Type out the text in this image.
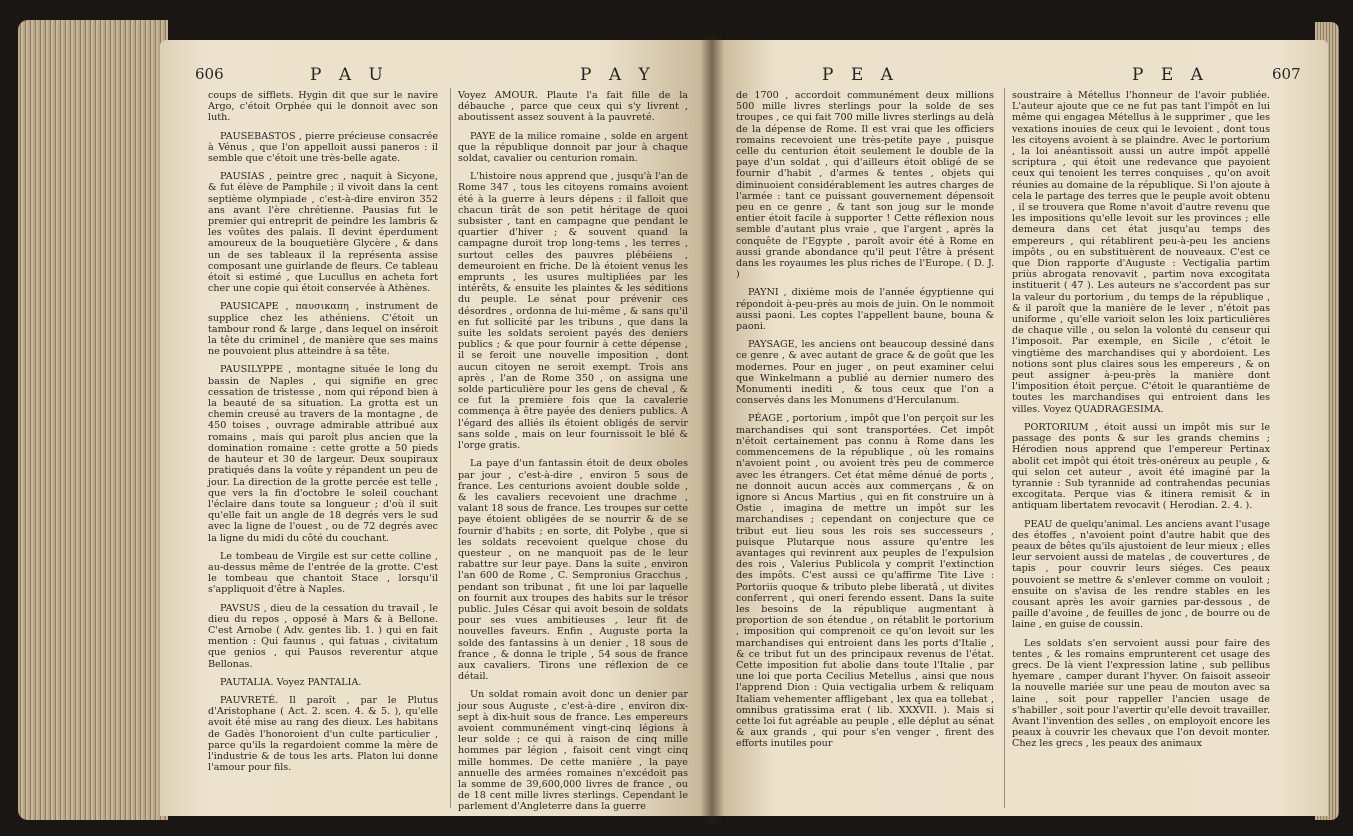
606	P A U	P A Y

coups de sifflets. Hygin dit que sur le navire Argo, c'étoit Orphée qui le donnoit avec son luth.

PAUSEBASTOS , pierre précieuse consacrée à Vénus , que l'on appelloit aussi paneros : il semble que c'étoit une très-belle agate.

PAUSIAS , peintre grec , naquit à Sicyone, & fut élève de Pamphile ; il vivoit dans la cent septième olympiade , c'est-à-dire environ 352 ans avant l'ère chrétienne. Pausias fut le premier qui entreprit de peindre les lambris & les voûtes des palais. Il devint éperdument amoureux de la bouquetière Glycère , & dans un de ses tableaux il la représenta assise composant une guirlande de fleurs. Ce tableau étoit si estimé , que Lucullus en acheta fort cher une copie qui étoit conservée à Athènes.

PAUSICAPE , παυσικαπη , instrument de supplice chez les athéniens. C'étoit un tambour rond & large , dans lequel on inséroit la tête du criminel , de manière que ses mains ne pouvoient plus atteindre à sa tête.

PAUSILYPPE , montagne située le long du bassin de Naples , qui signifie en grec cessation de tristesse , nom qui répond bien à la beauté de sa situation. La grotta est un chemin creusé au travers de la montagne , de 450 toises , ouvrage admirable attribué aux romains , mais qui paroît plus ancien que la domination romaine : cette grotte a 50 pieds de hauteur et 30 de largeur. Deux soupiraux pratiqués dans la voûte y répandent un peu de jour. La direction de la grotte percée est telle , que vers la fin d'octobre le soleil couchant l'éclaire dans toute sa longueur ; d'où il suit qu'elle fait un angle de 18 degrés vers le sud avec la ligne de l'ouest , ou de 72 degrés avec la ligne du midi du côté du couchant.

Le tombeau de Virgile est sur cette colline , au-dessus même de l'entrée de la grotte. C'est le tombeau que chantoit Stace , lorsqu'il s'appliquoit d'être à Naples.

PAVSUS , dieu de la cessation du travail , le dieu du repos , opposé à Mars & à Bellone. C'est Arnobe ( Adv. gentes lib. 1. ) qui en fait mention : Qui faunus , qui fatuas , civitatum que genios , qui Pausos reverentur atque Bellonas.

PAUTALIA. Voyez PANTALIA.

PAUVRETÉ. Il paroît , par le Plutus d'Aristophane ( Act. 2. scen. 4. & 5. ), qu'elle avoit été mise au rang des dieux. Les habitans de Gadès l'honoroient d'un culte particulier , parce qu'ils la regardoient comme la mère de l'industrie & de tous les arts. Platon lui donne l'amour pour fils.

Voyez AMOUR. Plaute l'a fait fille de la débauche , parce que ceux qui s'y livrent , aboutissent assez souvent à la pauvreté.

PAYE de la milice romaine , solde en argent que la république donnoit par jour à chaque soldat, cavalier ou centurion romain.

L'histoire nous apprend que , jusqu'à l'an de Rome 347 , tous les citoyens romains avoient été à la guerre à leurs dépens : il falloit que chacun tirât de son petit héritage de quoi subsister , tant en campagne que pendant le quartier d'hiver ; & souvent quand la campagne duroit trop long-tems , les terres , surtout celles des pauvres plébéiens , demeuroient en friche. De là étoient venus les emprunts , les usures multipliées par les intérêts, & ensuite les plaintes & les séditions du peuple. Le sénat pour prévenir ces désordres , ordonna de lui-même , & sans qu'il en fut sollicité par les tribuns , que dans la suite les soldats seroient payés des deniers publics ; & que pour fournir à cette dépense , il se feroit une nouvelle imposition , dont aucun citoyen ne seroit exempt. Trois ans après , l'an de Rome 350 , on assigna une solde particulière pour les gens de cheval , & ce fut la première fois que la cavalerie commença à être payée des deniers publics. A l'égard des alliés ils étoient obligés de servir sans solde , mais on leur fournissoit le blé & l'orge gratis.

La paye d'un fantassin étoit de deux oboles par jour , c'est-à-dire , environ 5 sous de france. Les centurions avoient double solde , & les cavaliers recevoient une drachme , valant 18 sous de france. Les troupes sur cette paye étoient obligées de se nourrir & de se fournir d'habits ; en sorte, dit Polybe , que si les soldats recevoient quelque chose du questeur , on ne manquoit pas de le leur rabattre sur leur paye. Dans la suite , environ l'an 600 de Rome , C. Sempronius Gracchus , pendant son tribunat , fit une loi par laquelle on fournit aux troupes des habits sur le trésor public. Jules César qui avoit besoin de soldats pour ses vues ambitieuses , leur fit de nouvelles faveurs. Enfin , Auguste porta la solde des fantassins à un denier , 18 sous de france , & donna le triple , 54 sous de france aux cavaliers. Tirons une réflexion de ce détail.

Un soldat romain avoit donc un denier par jour sous Auguste , c'est-à-dire , environ dix-sept à dix-huit sous de france. Les empereurs avoient communément vingt-cinq légions à leur solde ; ce qui à raison de cinq mille hommes par légion , faisoit cent vingt cinq mille hommes. De cette manière , la paye annuelle des armées romaines n'excédoit pas la somme de 39,600,000 livres de france , ou de 18 cent mille livres sterlings. Cependant le parlement d'Angleterre dans la guerre

P E A	P E A	607

de 1700 , accordoit communément deux millions 500 mille livres sterlings pour la solde de ses troupes , ce qui fait 700 mille livres sterlings au delà de la dépense de Rome. Il est vrai que les officiers romains recevoient une très-petite paye , puisque celle du centurion étoit seulement le double de la paye d'un soldat , qui d'ailleurs étoit obligé de se fournir d'habit , d'armes & tentes , objets qui diminuoient considérablement les autres charges de l'armée : tant ce puissant gouvernement dépensoit peu en ce genre , & tant son joug sur le monde entier étoit facile à supporter ! Cette réflexion nous semble d'autant plus vraie , que l'argent , après la conquête de l'Egypte , paroît avoir été à Rome en aussi grande abondance qu'il peut l'être à présent dans les royaumes les plus riches de l'Europe. ( D. J. )

PAYNI , dixième mois de l'année égyptienne qui répondoit à-peu-près au mois de juin. On le nommoit aussi paoni. Les coptes l'appellent baune, bouna & paoni.

PAYSAGE, les anciens ont beaucoup dessiné dans ce genre , & avec autant de grace & de goût que les modernes. Pour en juger , on peut examiner celui que Winkelmann a publié au dernier numero des Monumenti inediti , & tous ceux que l'on a conservés dans les Monumens d'Herculanum.

PÉAGE , portorium , impôt que l'on perçoit sur les marchandises qui sont transportées. Cet impôt n'étoit certainement pas connu à Rome dans les commencemens de la république , où les romains n'avoient point , ou avoient très peu de commerce avec les étrangers. Cet état même dénué de ports , ne donnoit aucun accès aux commerçans , & on ignore si Ancus Martius , qui en fit construire un à Ostie , imagina de mettre un impôt sur les marchandises ; cependant on conjecture que ce tribut eut lieu sous les rois ses successeurs , puisque Plutarque nous assure qu'entre les avantages qui revinrent aux peuples de l'expulsion des rois , Valerius Publicola y comprit l'extinction des impôts. C'est aussi ce qu'affirme Tite Live : Portoriis quoque & tributo plebe liberatâ , ut divites conferrent , qui oneri ferendo essent. Dans la suite les besoins de la république augmentant à proportion de son étendue , on rétablit le portorium , imposition qui comprenoit ce qu'on levoit sur les marchandises qui entroient dans les ports d'Italie , & ce tribut fut un des principaux revenus de l'état. Cette imposition fut abolie dans toute l'Italie , par une loi que porta Cecilius Metellus , ainsi que nous l'apprend Dion : Quia vectigalia urbem & reliquam Italiam vehementer affligebant , lex qua ea tollebat , omnibus gratissima erat ( lib. XXXVII. ). Mais si cette loi fut agréable au peuple , elle déplut au sénat & aux grands , qui pour s'en venger , firent des efforts inutiles pour

soustraire à Métellus l'honneur de l'avoir publiée. L'auteur ajoute que ce ne fut pas tant l'impôt en lui même qui engagea Métellus à le supprimer , que les vexations inouies de ceux qui le levoient , dont tous les citoyens avoient à se plaindre. Avec le portorium , la loi anéantissoit aussi un autre impôt appellé scriptura , qui étoit une redevance que payoient ceux qui tenoient les terres conquises , qu'on avoit réunies au domaine de la république. Si l'on ajoute à cela le partage des terres que le peuple avoit obtenu , il se trouvera que Rome n'avoit d'autre revenu que les impositions qu'elle levoit sur les provinces ; elle demeura dans cet état jusqu'au temps des empereurs , qui rétablirent peu-à-peu les anciens impôts , ou en substituèrent de nouveaux. C'est ce que Dion rapporte d'Auguste : Vectigalia partim priùs abrogata renovavit , partim nova excogitata instituerit ( 47 ). Les auteurs ne s'accordent pas sur la valeur du portorium , du temps de la république , & il paroît que la manière de le lever , n'étoit pas uniforme , qu'elle varioit selon les loix particulières de chaque ville , ou selon la volonté du censeur qui l'imposoit. Par exemple, en Sicile , c'étoit le vingtième des marchandises qui y abordoient. Les notions sont plus claires sous les empereurs , & on peut assigner à-peu-près la manière dont l'imposition étoit perçue. C'étoit le quarantième de toutes les marchandises qui entroient dans les villes. Voyez QUADRAGESIMA.

PORTORIUM , étoit aussi un impôt mis sur le passage des ponts & sur les grands chemins ; Hérodien nous apprend que l'empereur Pertinax abolit cet impôt qui étoit très-onéreux au peuple , & qui selon cet auteur , avoit été imaginé par la tyrannie : Sub tyrannide ad contrahendas pecunias excogitata. Perque vias & itinera remisit & in antiquam libertatem revocavit ( Herodian. 2. 4. ).

PEAU de quelqu'animal. Les anciens avant l'usage des étoffes , n'avoient point d'autre habit que des peaux de bêtes qu'ils ajustoient de leur mieux ; elles leur servoient aussi de matelas , de couvertures , de tapis , pour couvrir leurs siéges. Ces peaux pouvoient se mettre & s'enlever comme on vouloit ; ensuite on s'avisa de les rendre stables en les cousant après les avoir garnies par-dessous , de paille d'avoine , de feuilles de jonc , de bourre ou de laine , en guise de coussin.

Les soldats s'en servoient aussi pour faire des tentes , & les romains emprunterent cet usage des grecs. De là vient l'expression latine , sub pellibus hyemare , camper durant l'hyver. On faisoit asseoir la nouvelle mariée sur une peau de mouton avec sa laine , soit pour rappeller l'ancien usage de s'habiller , soit pour l'avertir qu'elle devoit travailler. Avant l'invention des selles , on employoit encore les peaux à couvrir les chevaux que l'on devoit monter. Chez les grecs , les peaux des animaux
